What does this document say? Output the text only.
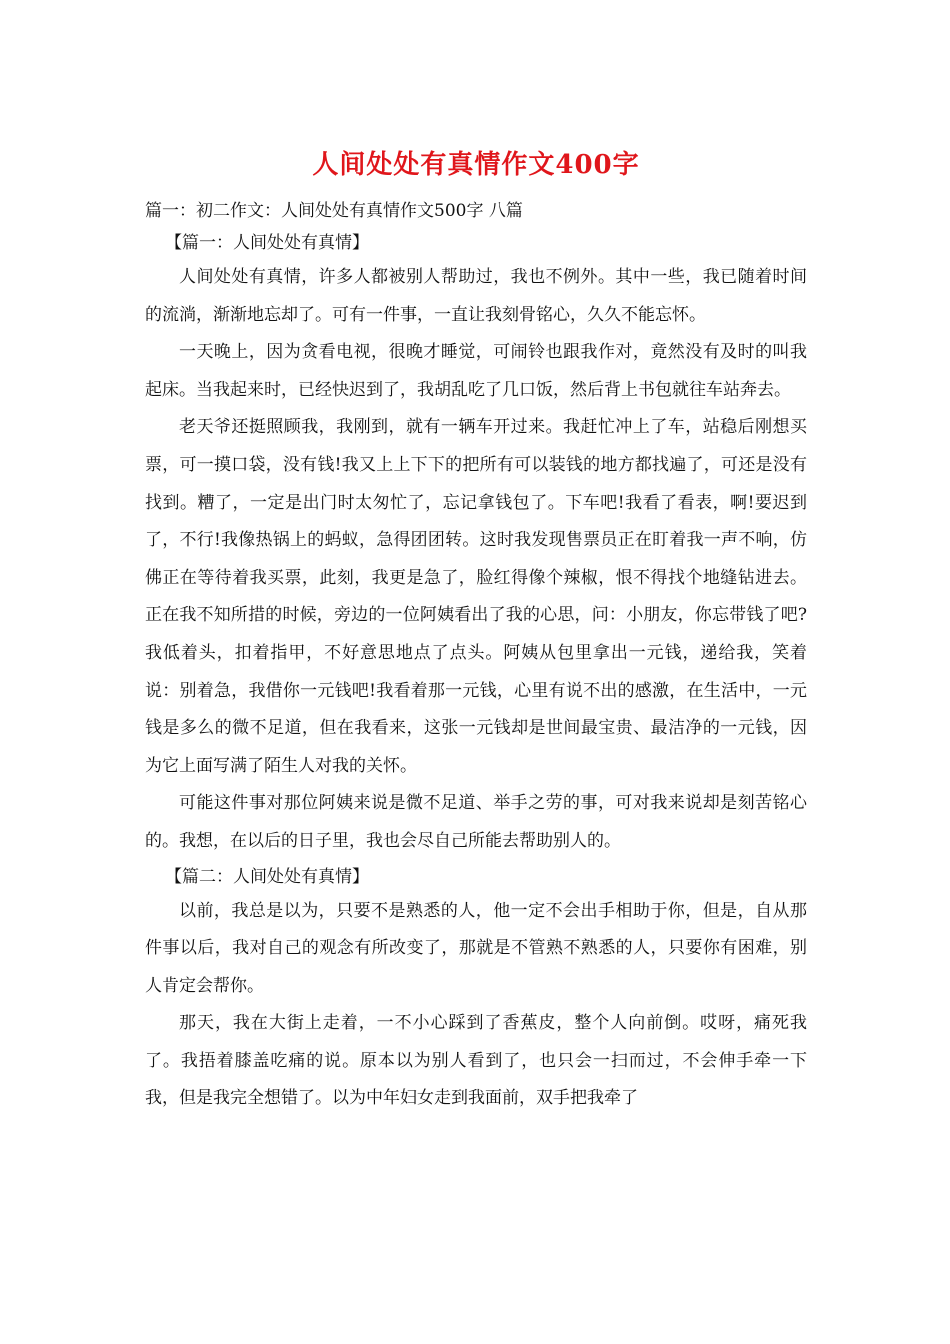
人间处处有真情作文400字

篇一：初二作文：人间处处有真情作文500字 八篇

【篇一：人间处处有真情】

人间处处有真情，许多人都被别人帮助过，我也不例外。其中一些，我已随着时间的流淌，渐渐地忘却了。可有一件事，一直让我刻骨铭心，久久不能忘怀。

一天晚上，因为贪看电视，很晚才睡觉，可闹铃也跟我作对，竟然没有及时的叫我起床。当我起来时，已经快迟到了，我胡乱吃了几口饭，然后背上书包就往车站奔去。

老天爷还挺照顾我，我刚到，就有一辆车开过来。我赶忙冲上了车，站稳后刚想买票，可一摸口袋，没有钱!我又上上下下的把所有可以装钱的地方都找遍了，可还是没有找到。糟了，一定是出门时太匆忙了，忘记拿钱包了。下车吧!我看了看表，啊!要迟到了，不行!我像热锅上的蚂蚁，急得团团转。这时我发现售票员正在盯着我一声不响，仿佛正在等待着我买票，此刻，我更是急了，脸红得像个辣椒，恨不得找个地缝钻进去。正在我不知所措的时候，旁边的一位阿姨看出了我的心思，问：小朋友，你忘带钱了吧?我低着头，扣着指甲，不好意思地点了点头。阿姨从包里拿出一元钱，递给我，笑着说：别着急，我借你一元钱吧!我看着那一元钱，心里有说不出的感激，在生活中，一元钱是多么的微不足道，但在我看来，这张一元钱却是世间最宝贵、最洁净的一元钱，因为它上面写满了陌生人对我的关怀。

可能这件事对那位阿姨来说是微不足道、举手之劳的事，可对我来说却是刻苦铭心的。我想，在以后的日子里，我也会尽自己所能去帮助别人的。

【篇二：人间处处有真情】

以前，我总是以为，只要不是熟悉的人，他一定不会出手相助于你，但是，自从那件事以后，我对自己的观念有所改变了，那就是不管熟不熟悉的人，只要你有困难，别人肯定会帮你。

那天，我在大街上走着，一不小心踩到了香蕉皮，整个人向前倒。哎呀，痛死我了。我捂着膝盖吃痛的说。原本以为别人看到了，也只会一扫而过，不会伸手牵一下我，但是我完全想错了。以为中年妇女走到我面前，双手把我牵了
